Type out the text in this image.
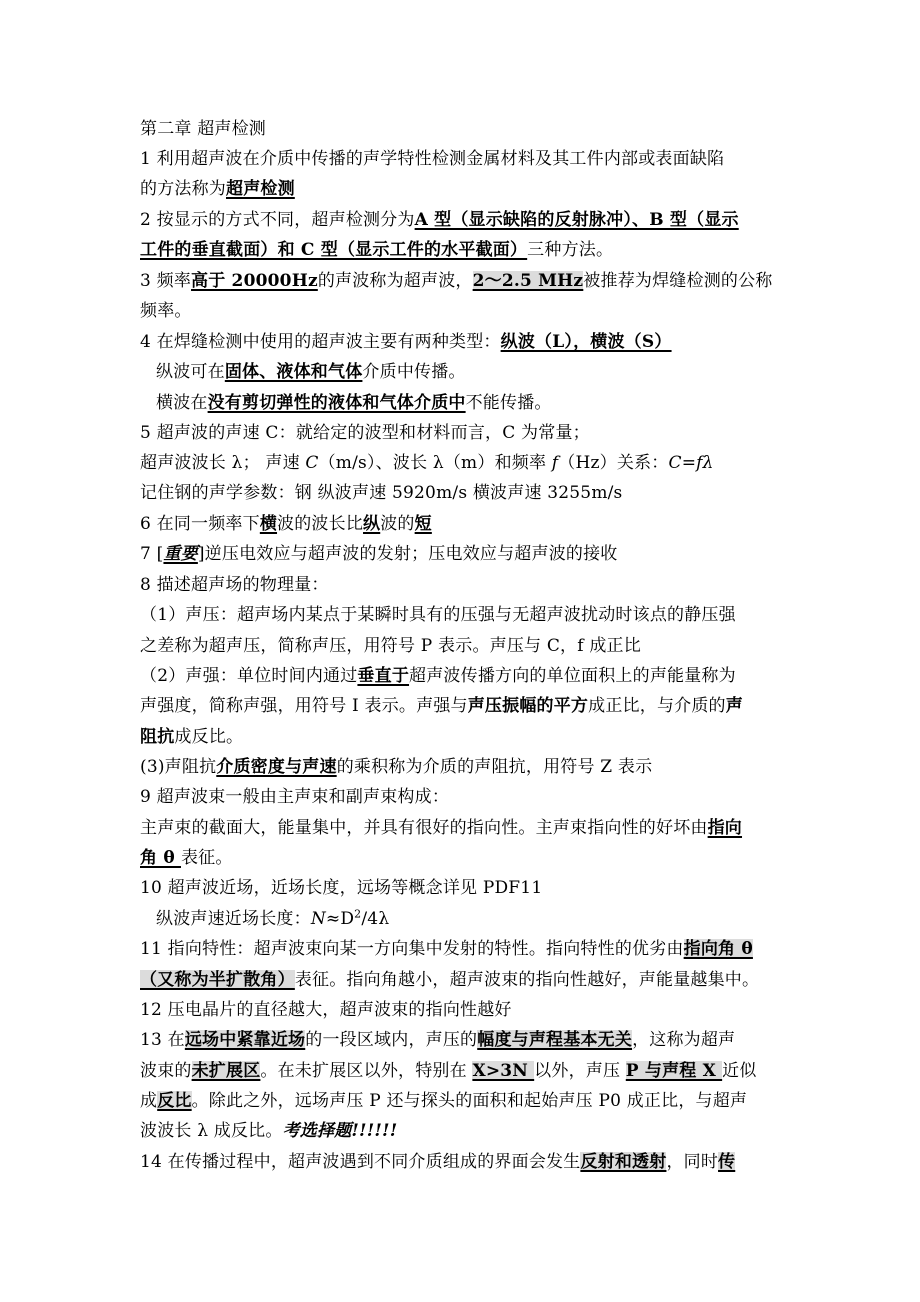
第二章 超声检测
1 利用超声波在介质中传播的声学特性检测金属材料及其工件内部或表面缺陷
的方法称为超声检测
2 按显示的方式不同，超声检测分为A 型（显示缺陷的反射脉冲）、B 型（显示
工件的垂直截面）和 C 型（显示工件的水平截面）三种方法。
3 频率高于 20000Hz的声波称为超声波，2～2.5 MHz被推荐为焊缝检测的公称
频率。
4 在焊缝检测中使用的超声波主要有两种类型：纵波（L），横波（S）
纵波可在固体、液体和气体介质中传播。
横波在没有剪切弹性的液体和气体介质中不能传播。
5 超声波的声速 C：就给定的波型和材料而言，C 为常量；
超声波波长 λ； 声速 C（m/s）、波长 λ（m）和频率 f（Hz）关系：C=fλ
记住钢的声学参数：钢 纵波声速 5920m/s 横波声速 3255m/s
6 在同一频率下横波的波长比纵波的短
7 [重要]逆压电效应与超声波的发射；压电效应与超声波的接收
8 描述超声场的物理量：
（1）声压：超声场内某点于某瞬时具有的压强与无超声波扰动时该点的静压强
之差称为超声压，简称声压，用符号 P 表示。声压与 C，f 成正比
（2）声强：单位时间内通过垂直于超声波传播方向的单位面积上的声能量称为
声强度，简称声强，用符号 I 表示。声强与声压振幅的平方成正比，与介质的声
阻抗成反比。
(3)声阻抗介质密度与声速的乘积称为介质的声阻抗，用符号 Z 表示
9 超声波束一般由主声束和副声束构成：
主声束的截面大，能量集中，并具有很好的指向性。主声束指向性的好坏由指向
角 θ 表征。
10 超声波近场，近场长度，远场等概念详见 PDF11
纵波声速近场长度：$N\approx D^2/4\lambda$
11 指向特性：超声波束向某一方向集中发射的特性。指向特性的优劣由指向角 θ
（又称为半扩散角）表征。指向角越小，超声波束的指向性越好，声能量越集中。
12 压电晶片的直径越大，超声波束的指向性越好
13 在远场中紧靠近场的一段区域内，声压的幅度与声程基本无关，这称为超声
波束的未扩展区。在未扩展区以外，特别在 X>3N 以外，声压 P 与声程 X 近似
成反比。除此之外，远场声压 P 还与探头的面积和起始声压 P0 成正比，与超声
波波长 λ 成反比。考选择题!!!!!!
14 在传播过程中，超声波遇到不同介质组成的界面会发生反射和透射，同时传
